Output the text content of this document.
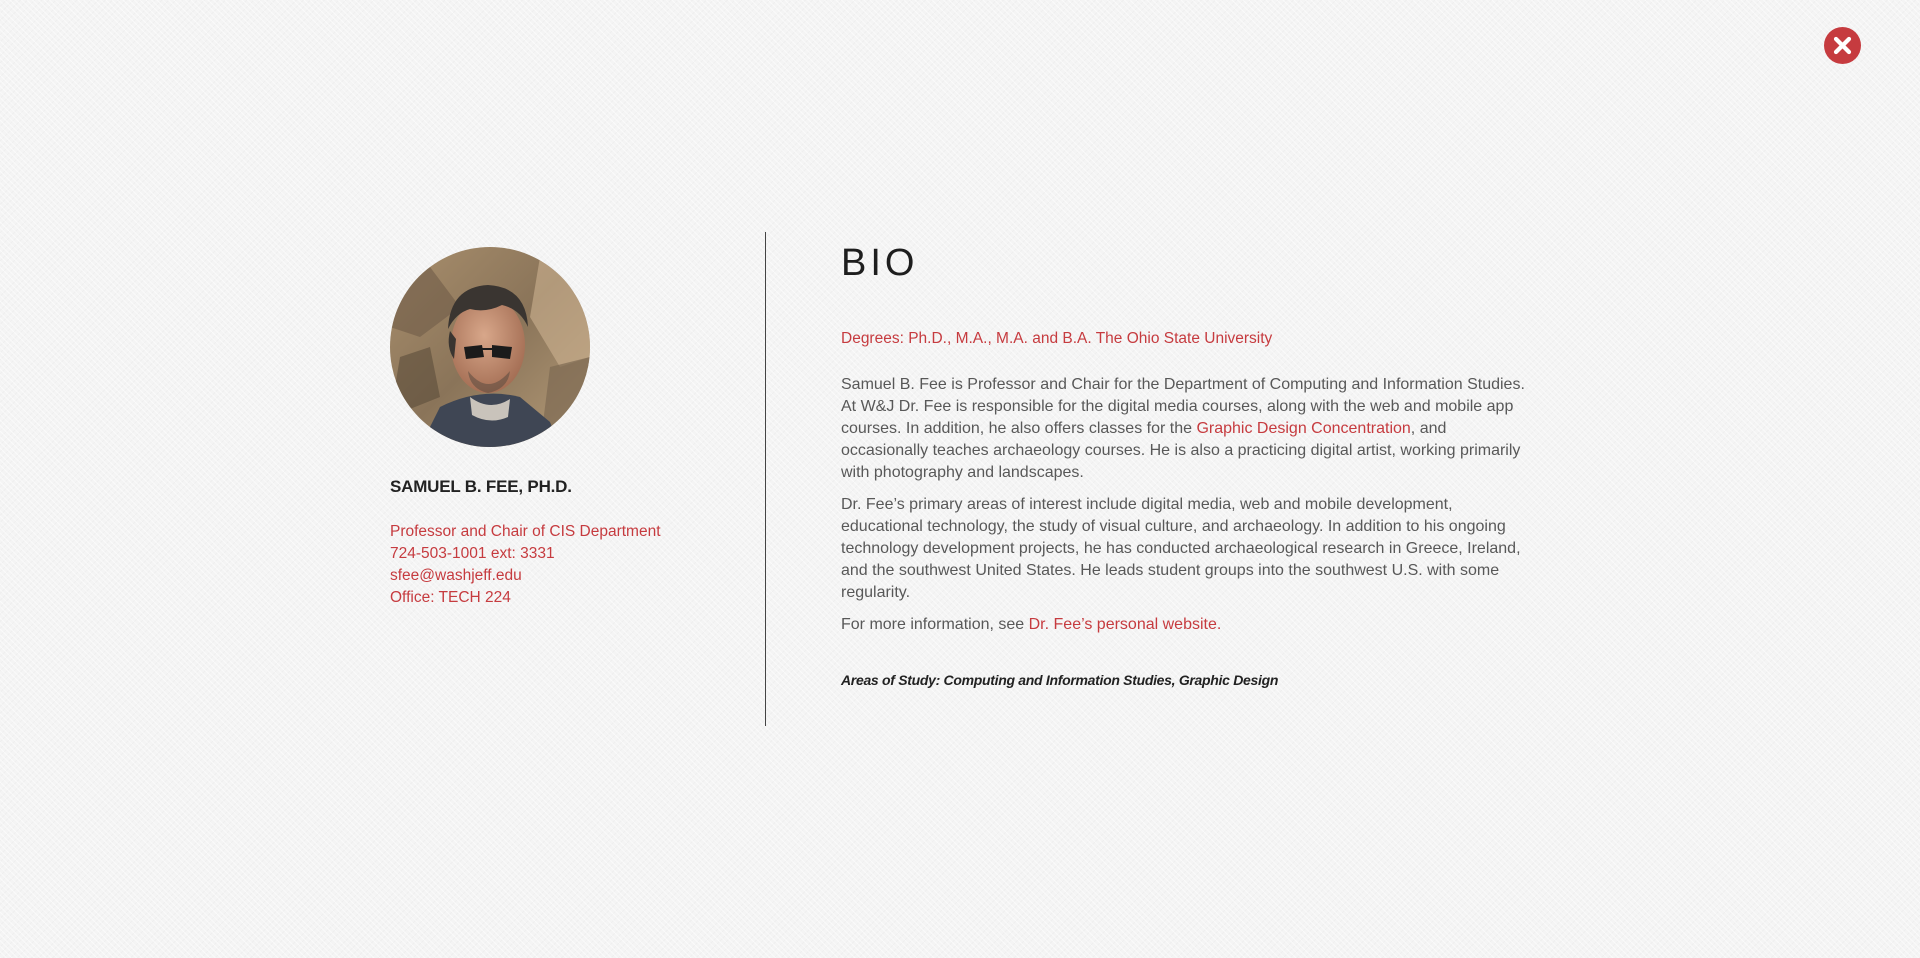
SAMUEL B. FEE, PH.D.
Professor and Chair of CIS Department
724-503-1001 ext: 3331
sfee@washjeff.edu
Office: TECH 224
BIO
Degrees: Ph.D., M.A., M.A. and B.A. The Ohio State University
Samuel B. Fee is Professor and Chair for the Department of Computing and Information Studies. At W&J Dr. Fee is responsible for the digital media courses, along with the web and mobile app courses. In addition, he also offers classes for the Graphic Design Concentration, and occasionally teaches archaeology courses. He is also a practicing digital artist, working primarily with photography and landscapes.
Dr. Fee’s primary areas of interest include digital media, web and mobile development, educational technology, the study of visual culture, and archaeology. In addition to his ongoing technology development projects, he has conducted archaeological research in Greece, Ireland, and the southwest United States. He leads student groups into the southwest U.S. with some regularity.
For more information, see Dr. Fee’s personal website.
Areas of Study: Computing and Information Studies, Graphic Design
